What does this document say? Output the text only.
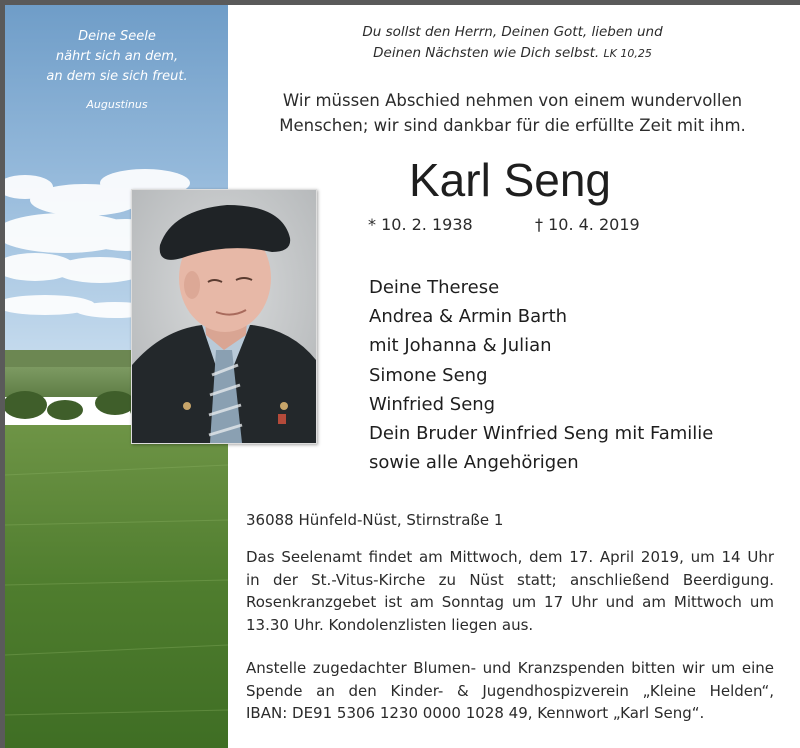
Deine Seele
nährt sich an dem,
an dem sie sich freut.
Augustinus
Du sollst den Herrn, Deinen Gott, lieben und
Deinen Nächsten wie Dich selbst. LK 10,25
Wir müssen Abschied nehmen von einem wundervollen
Menschen; wir sind dankbar für die erfüllte Zeit mit ihm.
Karl Seng
* 10. 2. 1938	† 10. 4. 2019
Deine Therese
Andrea & Armin Barth
mit Johanna & Julian
Simone Seng
Winfried Seng
Dein Bruder Winfried Seng mit Familie
sowie alle Angehörigen
36088 Hünfeld-Nüst, Stirnstraße 1
Das Seelenamt findet am Mittwoch, dem 17. April 2019, um 14 Uhr
in der St.-Vitus-Kirche zu Nüst statt; anschließend Beerdigung.
Rosenkranzgebet ist am Sonntag um 17 Uhr und am Mittwoch um
13.30 Uhr. Kondolenzlisten liegen aus.
Anstelle zugedachter Blumen- und Kranzspenden bitten wir um eine
Spende an den Kinder- & Jugendhospizverein „Kleine Helden“,
IBAN: DE91 5306 1230 0000 1028 49, Kennwort „Karl Seng“.
